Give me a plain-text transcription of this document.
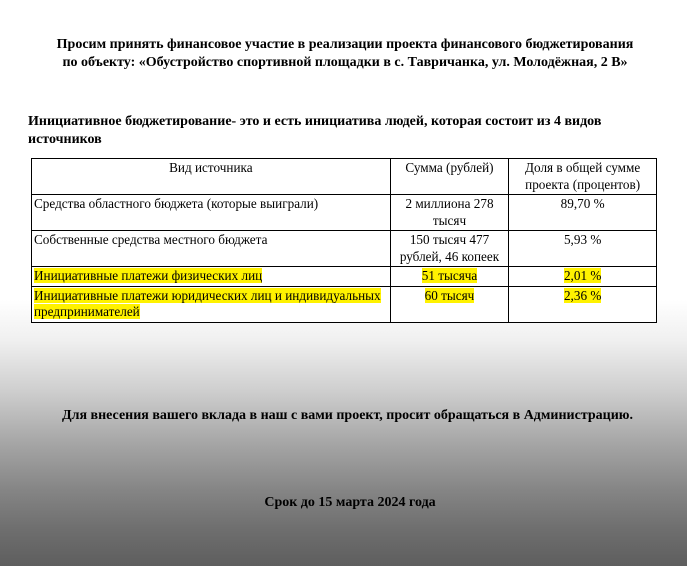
Просим принять финансовое участие в реализации проекта финансового бюджетирования
по объекту: «Обустройство спортивной площадки в с. Тавричанка, ул. Молодёжная, 2 В»
Инициативное бюджетирование- это и есть инициатива людей, которая состоит из 4 видов
источников
Вид источника	Сумма (рублей)	Доля в общей сумме проекта (процентов)
Средства областного бюджета (которые выиграли)	2 миллиона 278 тысяч	89,70 %
Собственные средства местного бюджета	150 тысяч 477 рублей, 46 копеек	5,93 %
Инициативные платежи физических лиц	51 тысяча	2,01 %
Инициативные платежи юридических лиц и индивидуальных предпринимателей	60 тысяч	2,36 %
Для внесения вашего вклада в наш с вами проект, просит обращаться в Администрацию.
Срок до 15 марта 2024 года
